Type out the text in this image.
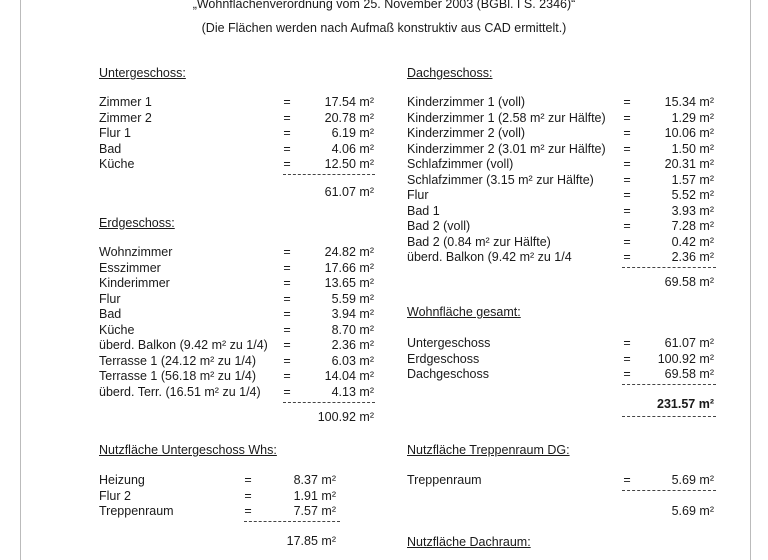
„Wohnflächenverordnung vom 25. November 2003 (BGBl. I S. 2346)“
(Die Flächen werden nach Aufmaß konstruktiv aus CAD ermittelt.)
Untergeschoss:
Zimmer 1	=	17.54 m²
Zimmer 2	=	20.78 m²
Flur 1	=	6.19 m²
Bad	=	4.06 m²
Küche	=	12.50 m²
61.07 m²
Erdgeschoss:
Wohnzimmer	=	24.82 m²
Esszimmer	=	17.66 m²
Kinderimmer	=	13.65 m²
Flur	=	5.59 m²
Bad	=	3.94 m²
Küche	=	8.70 m²
überd. Balkon (9.42 m² zu 1/4)	=	2.36 m²
Terrasse 1 (24.12 m² zu 1/4)	=	6.03 m²
Terrasse 1 (56.18 m² zu 1/4)	=	14.04 m²
überd. Terr. (16.51 m² zu 1/4)	=	4.13 m²
100.92 m²
Nutzfläche Untergeschoss Whs:
Heizung	=	8.37 m²
Flur 2	=	1.91 m²
Treppenraum	=	7.57 m²
17.85 m²
Dachgeschoss:
Kinderzimmer 1 (voll)	=	15.34 m²
Kinderzimmer 1 (2.58 m² zur Hälfte)	=	1.29 m²
Kinderzimmer 2 (voll)	=	10.06 m²
Kinderzimmer 2 (3.01 m² zur Hälfte)	=	1.50 m²
Schlafzimmer (voll)	=	20.31 m²
Schlafzimmer (3.15 m² zur Hälfte)	=	1.57 m²
Flur	=	5.52 m²
Bad 1	=	3.93 m²
Bad 2 (voll)	=	7.28 m²
Bad 2 (0.84 m² zur Hälfte)	=	0.42 m²
überd. Balkon (9.42 m² zu 1/4	=	2.36 m²
69.58 m²
Wohnfläche gesamt:
Untergeschoss	=	61.07 m²
Erdgeschoss	=	100.92 m²
Dachgeschoss	=	69.58 m²
231.57 m²
Nutzfläche Treppenraum DG:
Treppenraum	=	5.69 m²
5.69 m²
Nutzfläche Dachraum:
